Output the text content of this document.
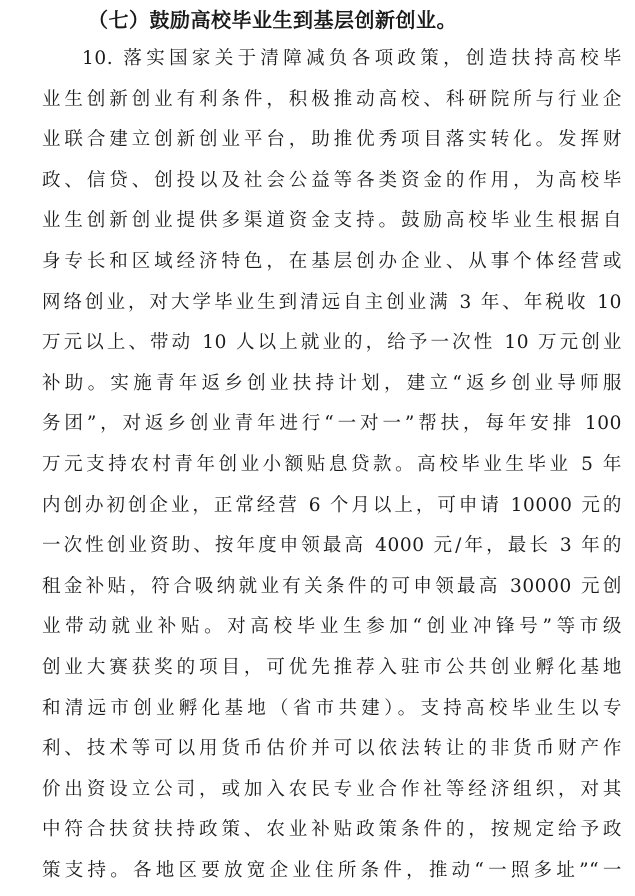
（七）鼓励高校毕业生到基层创新创业。
10. 落实国家关于清障减负各项政策，创造扶持高校毕
业生创新创业有利条件，积极推动高校、科研院所与行业企
业联合建立创新创业平台，助推优秀项目落实转化。发挥财
政、信贷、创投以及社会公益等各类资金的作用，为高校毕
业生创新创业提供多渠道资金支持。鼓励高校毕业生根据自
身专长和区域经济特色，在基层创办企业、从事个体经营或
网络创业，对大学毕业生到清远自主创业满 3 年、年税收 10
万元以上、带动 10 人以上就业的，给予一次性 10 万元创业
补助。实施青年返乡创业扶持计划，建立“返乡创业导师服
务团”，对返乡创业青年进行“一对一”帮扶，每年安排 100
万元支持农村青年创业小额贴息贷款。高校毕业生毕业 5 年
内创办初创企业，正常经营 6 个月以上，可申请 10000 元的
一次性创业资助、按年度申领最高 4000 元/年，最长 3 年的
租金补贴，符合吸纳就业有关条件的可申领最高 30000 元创
业带动就业补贴。对高校毕业生参加“创业冲锋号”等市级
创业大赛获奖的项目，可优先推荐入驻市公共创业孵化基地
和清远市创业孵化基地（省市共建）。支持高校毕业生以专
利、技术等可以用货币估价并可以依法转让的非货币财产作
价出资设立公司，或加入农民专业合作社等经济组织，对其
中符合扶贫扶持政策、农业补贴政策条件的，按规定给予政
策支持。各地区要放宽企业住所条件，推动“一照多址”“一
